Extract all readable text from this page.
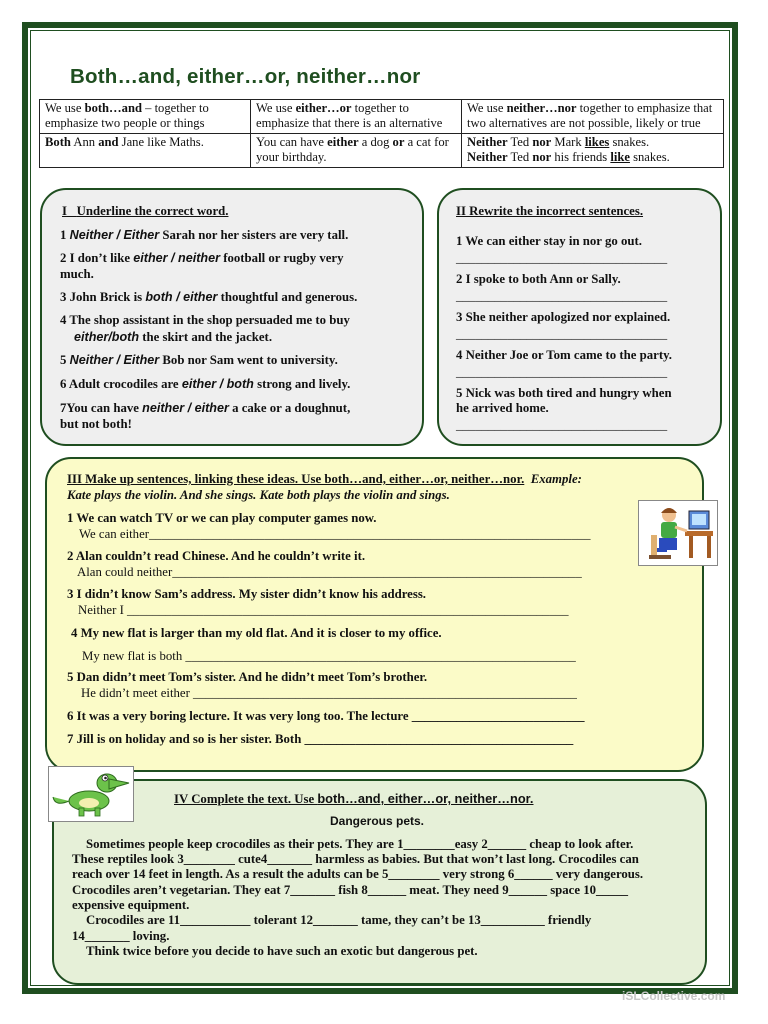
Both…and, either…or, neither…nor
We use both…and – together to emphasize two people or things	We use either…or together to emphasize that there is an alternative	We use neither…nor together to emphasize that two alternatives are not possible, likely or true
Both Ann and Jane like Maths.	You can have either a dog or a cat for your birthday.	Neither Ted nor Mark likes snakes.
Neither Ted nor his friends like snakes.
I Underline the correct word.
1 Neither / Either Sarah nor her sisters are very tall.
2 I don’t like either / neither football or rugby very
much.
3 John Brick is both / either thoughtful and generous.
4 The shop assistant in the shop persuaded me to buy
either/both the skirt and the jacket.
5 Neither / Either Bob nor Sam went to university.
6 Adult crocodiles are either / both strong and lively.
7You can have neither / either a cake or a doughnut,
but not both!
II Rewrite the incorrect sentences.
1 We can either stay in nor go out.
_________________________________
2 I spoke to both Ann or Sally.
_________________________________
3 She neither apologized nor explained.
_________________________________
4 Neither Joe or Tom came to the party.
_________________________________
5 Nick was both tired and hungry when
he arrived home.
_________________________________
III Make up sentences, linking these ideas. Use both…and, either…or, neither…nor. Example:
Kate plays the violin. And she sings. Kate both plays the violin and sings.
1 We can watch TV or we can play computer games now.
We can either_____________________________________________________________________
2 Alan couldn’t read Chinese. And he couldn’t write it.
Alan could neither________________________________________________________________
3 I didn’t know Sam’s address. My sister didn’t know his address.
Neither I _____________________________________________________________________
4 My new flat is larger than my old flat. And it is closer to my office.
My new flat is both _____________________________________________________________
5 Dan didn’t meet Tom’s sister. And he didn’t meet Tom’s brother.
He didn’t meet either ____________________________________________________________
6 It was a very boring lecture. It was very long too. The lecture ___________________________
7 Jill is on holiday and so is her sister. Both __________________________________________
IV Complete the text. Use both…and, either…or, neither…nor.
Dangerous pets.
Sometimes people keep crocodiles as their pets. They are 1________easy 2______ cheap to look after.
These reptiles look 3________ cute4_______ harmless as babies. But that won’t last long. Crocodiles can
reach over 14 feet in length. As a result the adults can be 5________ very strong 6______ very dangerous.
Crocodiles aren’t vegetarian. They eat 7_______ fish 8______ meat. They need 9______ space 10_____
expensive equipment.
Crocodiles are 11___________ tolerant 12_______ tame, they can’t be 13__________ friendly
14_______ loving.
Think twice before you decide to have such an exotic but dangerous pet.
iSLCollective.com
